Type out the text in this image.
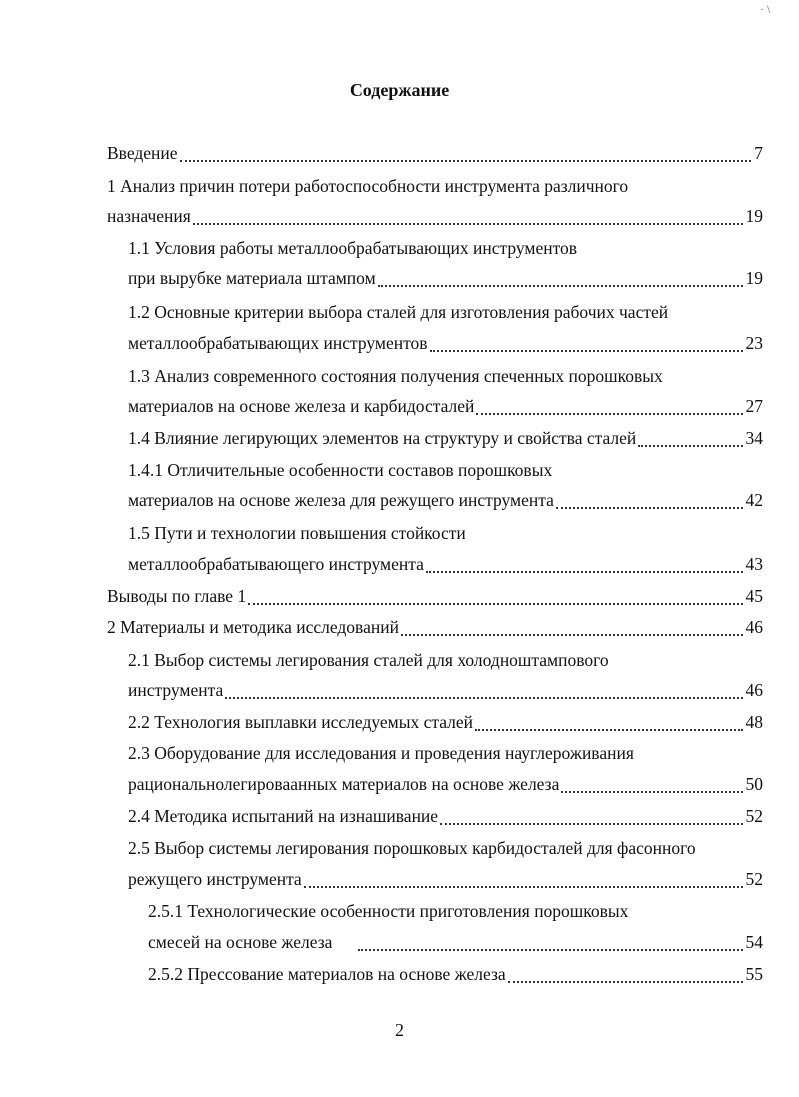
· \
Содержание
Введение	7
1 Анализ причин потери работоспособности инструмента различного
назначения	19
1.1 Условия работы металлообрабатывающих инструментов
при вырубке материала штампом	19
1.2 Основные критерии выбора сталей для изготовления рабочих частей
металлообрабатывающих инструментов	23
1.3 Анализ современного состояния получения спеченных порошковых
материалов на основе железа и карбидосталей	27
1.4 Влияние легирующих элементов на структуру и свойства сталей	34
1.4.1 Отличительные особенности составов порошковых
материалов на основе железа для режущего инструмента	42
1.5 Пути и технологии повышения стойкости
металлообрабатывающего инструмента	43
Выводы по главе 1	45
2 Материалы и методика исследований	46
2.1 Выбор системы легирования сталей для холодноштампового
инструмента	46
2.2 Технология выплавки исследуемых сталей	48
2.3 Оборудование для исследования и проведения науглероживания
рациональнолегироваанных материалов на основе железа	50
2.4 Методика испытаний на изнашивание	52
2.5 Выбор системы легирования порошковых карбидосталей для фасонного
режущего инструмента	52
2.5.1 Технологические особенности приготовления порошковых
смесей на основе железа	54
2.5.2 Прессование материалов на основе железа	55
2
